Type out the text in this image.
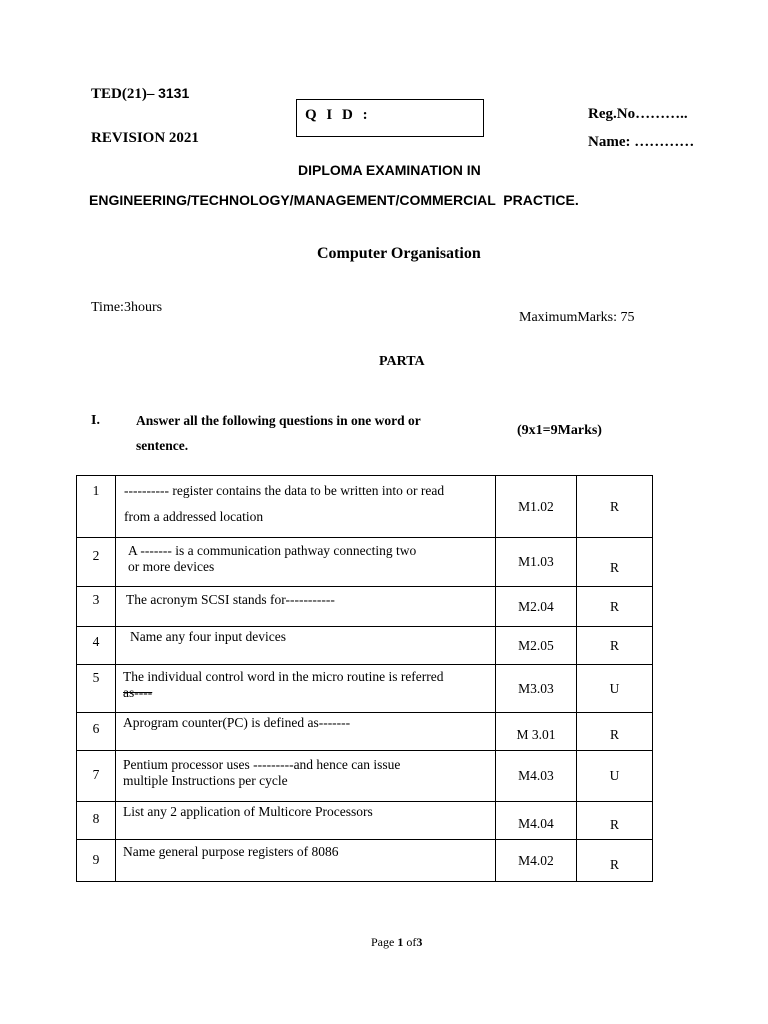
TED(21)– 3131
REVISION 2021
Q I D :	Reg.No………..
Name: …………
DIPLOMA EXAMINATION IN
ENGINEERING/TECHNOLOGY/MANAGEMENT/COMMERCIAL  PRACTICE.
Computer Organisation
Time:3hours
MaximumMarks: 75
PARTA
I.	Answer all the following questions in one word or
sentence.
(9x1=9Marks)
1	---------- register contains the data to be written into or read
from a addressed location	M1.02	R
2	A ------- is a communication pathway connecting two
or more devices	M1.03	R
3	The acronym SCSI stands for-----------	M2.04	R
4	Name any four input devices	M2.05	R
5	The individual control word in the micro routine is referred
as----	M3.03	U
6	Aprogram counter(PC) is defined as-------	M 3.01	R
7	Pentium processor uses ---------and hence can issue
multiple Instructions per cycle	M4.03	U
8	List any 2 application of Multicore Processors	M4.04	R
9	Name general purpose registers of 8086	M4.02	R
Page 1 of3
